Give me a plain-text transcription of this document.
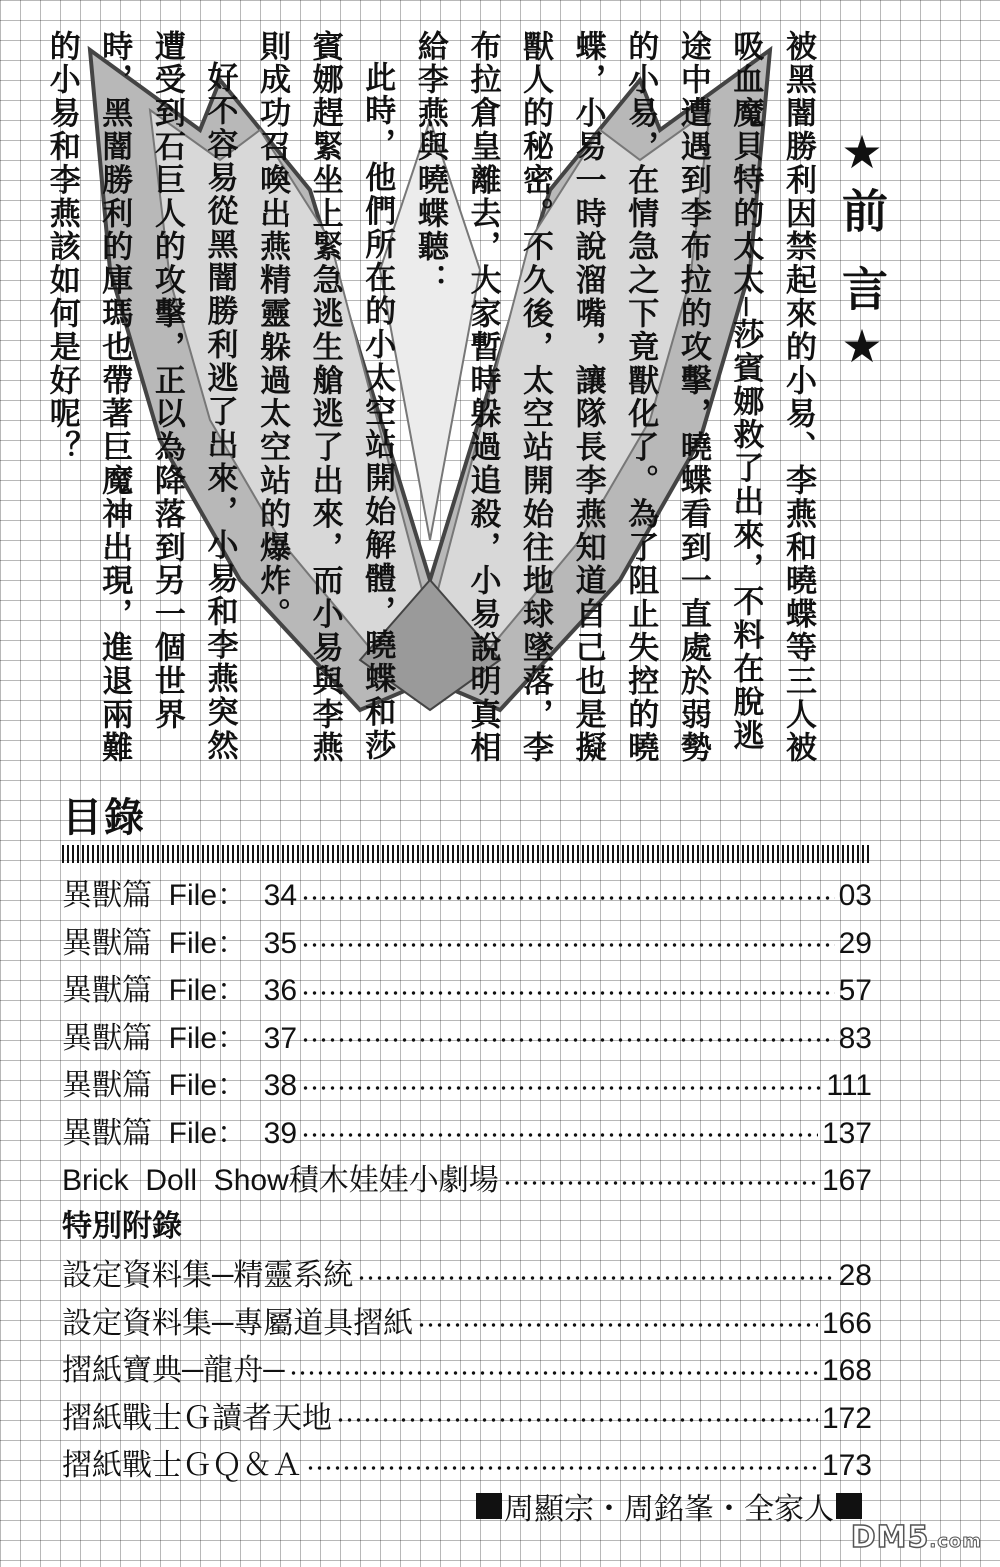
★前 言★

被黑闇勝利因禁起來的小易、李燕和曉蝶等三人被吸血魔貝特的太太─莎賓娜救了出來，不料在脫逃途中遭遇到李布拉的攻擊，曉蝶看到一直處於弱勢的小易，在情急之下竟獸化了。為了阻止失控的曉蝶，小易一時說溜嘴，讓隊長李燕知道自己也是擬獸人的秘密。不久後，太空站開始往地球墜落，李布拉倉皇離去，大家暫時躲過追殺，小易說明真相給李燕與曉蝶聽：

此時，他們所在的小太空站開始解體，曉蝶和莎賓娜趕緊坐上緊急逃生艙逃了出來，而小易與李燕則成功召喚出燕精靈躲過太空站的爆炸。

好不容易從黑闇勝利逃了出來，小易和李燕突然遭受到石巨人的攻擊，正以為降落到另一個世界時，黑闇勝利的庫瑪也帶著巨魔神出現，進退兩難的小易和李燕該如何是好呢？

目錄
異獸篇  File：  34	03
異獸篇  File：  35	29
異獸篇  File：  36	57
異獸篇  File：  37	83
異獸篇  File：  38	111
異獸篇  File：  39	137
Brick  Doll  Show積木娃娃小劇場	167
特別附錄
設定資料集─精靈系統	28
設定資料集─專屬道具摺紙	166
摺紙寶典─龍舟─	168
摺紙戰士Ｇ讀者天地	172
摺紙戰士ＧＱ＆Ａ	173

周顯宗・周銘峯・全家人

DM5.com
